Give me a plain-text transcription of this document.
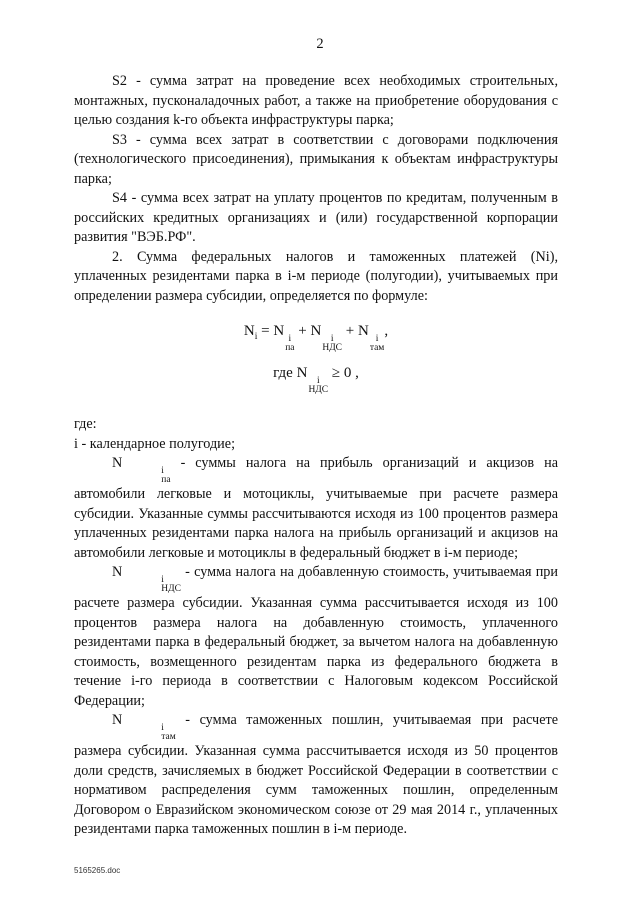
2

S2 - сумма затрат на проведение всех необходимых строительных, монтажных, пусконаладочных работ, а также на приобретение оборудования с целью создания k-го объекта инфраструктуры парка;

S3 - сумма всех затрат в соответствии с договорами подключения (технологического присоединения), примыкания к объектам инфраструктуры парка;

S4 - сумма всех затрат на уплату процентов по кредитам, полученным в российских кредитных организациях и (или) государственной корпорации развития "ВЭБ.РФ".

2. Сумма федеральных налогов и таможенных платежей (Ni), уплаченных резидентами парка в i-м периоде (полугодии), учитываемых при определении размера субсидии, определяется по формуле:

$N_i = N$ i
па
+ N	i
НДС
+ N i
там
,
где N	i
НДС
≥ 0 ,

где:

i - календарное полугодие;

N	i
па
- суммы налога на прибыль организаций и акцизов на автомобили легковые и мотоциклы, учитываемые при расчете размера субсидии. Указанные суммы рассчитываются исходя из 100 процентов размера уплаченных резидентами парка налога на прибыль организаций и акцизов на автомобили легковые и мотоциклы в федеральный бюджет в i-м периоде;

N	i
НДС
- сумма налога на добавленную стоимость, учитываемая при расчете размера субсидии. Указанная сумма рассчитывается исходя из 100 процентов размера налога на добавленную стоимость, уплаченного резидентами парка в федеральный бюджет, за вычетом налога на добавленную стоимость, возмещенного резидентам парка из федерального бюджета в течение i-го периода в соответствии с Налоговым кодексом Российской Федерации;

N	i
там
- сумма таможенных пошлин, учитываемая при расчете размера субсидии. Указанная сумма рассчитывается исходя из 50 процентов доли средств, зачисляемых в бюджет Российской Федерации в соответствии с нормативом распределения сумм таможенных пошлин, определенным Договором о Евразийском экономическом союзе от 29 мая 2014 г., уплаченных резидентами парка таможенных пошлин в i-м периоде.

5165265.doc
